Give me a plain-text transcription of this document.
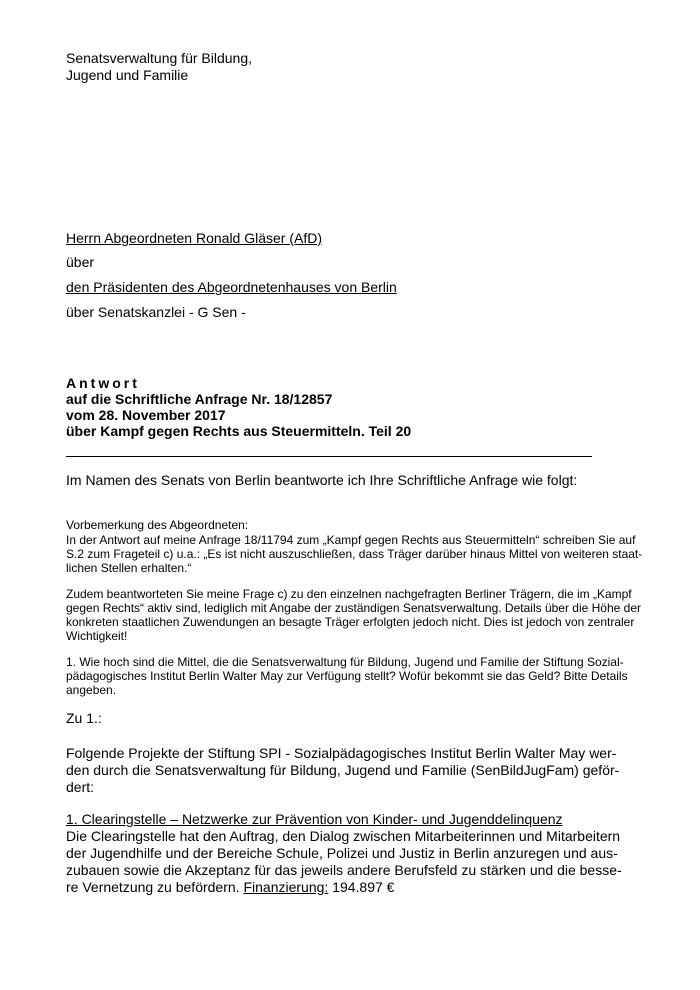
Senatsverwaltung für Bildung,
Jugend und Familie
Herrn Abgeordneten Ronald Gläser (AfD)
über
den Präsidenten des Abgeordnetenhauses von Berlin
über Senatskanzlei - G Sen -
Antwort
auf die Schriftliche Anfrage Nr. 18/12857
vom 28. November 2017
über Kampf gegen Rechts aus Steuermitteln. Teil 20
Im Namen des Senats von Berlin beantworte ich Ihre Schriftliche Anfrage wie folgt:
Vorbemerkung des Abgeordneten:
In der Antwort auf meine Anfrage 18/11794 zum „Kampf gegen Rechts aus Steuermitteln“ schreiben Sie auf
S.2 zum Frageteil c) u.a.: „Es ist nicht auszuschließen, dass Träger darüber hinaus Mittel von weiteren staat-
lichen Stellen erhalten.“
Zudem beantworteten Sie meine Frage c) zu den einzelnen nachgefragten Berliner Trägern, die im „Kampf
gegen Rechts“ aktiv sind, lediglich mit Angabe der zuständigen Senatsverwaltung. Details über die Höhe der
konkreten staatlichen Zuwendungen an besagte Träger erfolgten jedoch nicht. Dies ist jedoch von zentraler
Wichtigkeit!
1. Wie hoch sind die Mittel, die die Senatsverwaltung für Bildung, Jugend und Familie der Stiftung Sozial-
pädagogisches Institut Berlin Walter May zur Verfügung stellt? Wofür bekommt sie das Geld? Bitte Details
angeben.
Zu 1.:
Folgende Projekte der Stiftung SPI - Sozialpädagogisches Institut Berlin Walter May wer-
den durch die Senatsverwaltung für Bildung, Jugend und Familie (SenBildJugFam) geför-
dert:
1. Clearingstelle – Netzwerke zur Prävention von Kinder- und Jugenddelinquenz
Die Clearingstelle hat den Auftrag, den Dialog zwischen Mitarbeiterinnen und Mitarbeitern
der Jugendhilfe und der Bereiche Schule, Polizei und Justiz in Berlin anzuregen und aus-
zubauen sowie die Akzeptanz für das jeweils andere Berufsfeld zu stärken und die besse-
re Vernetzung zu befördern. Finanzierung: 194.897 €
